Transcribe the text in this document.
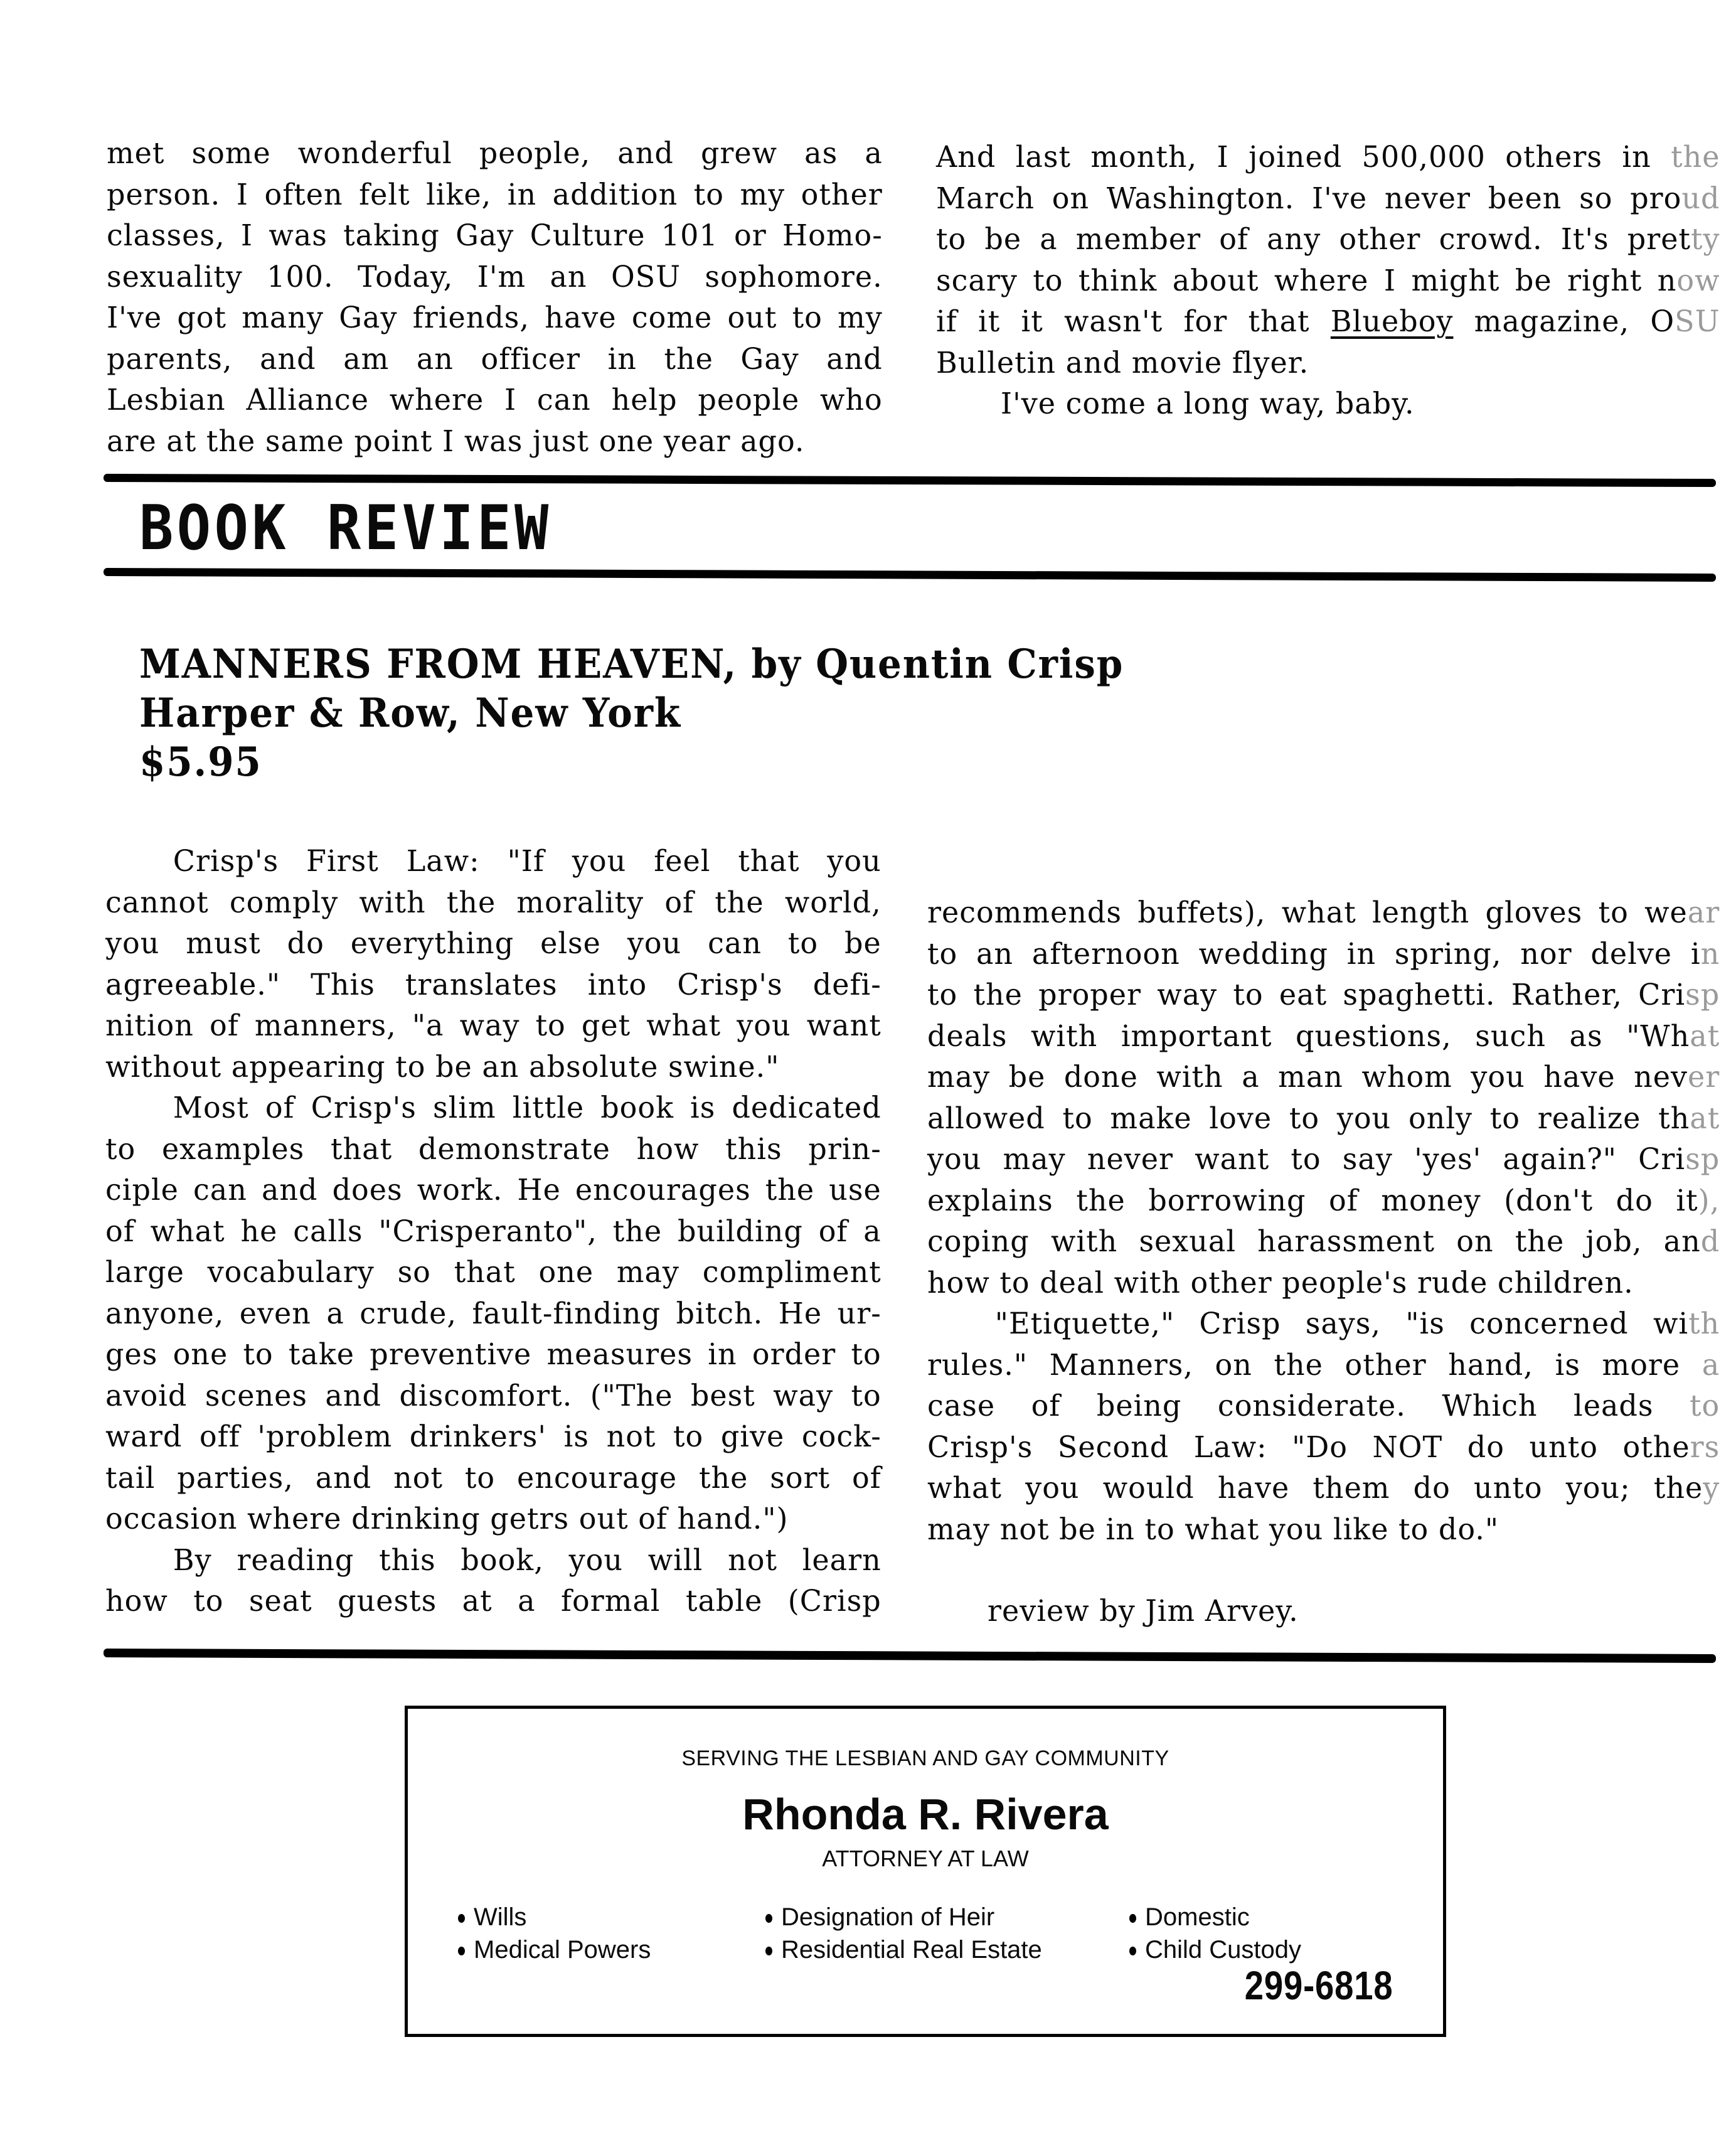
met some wonderful people, and grew as a
person. I often felt like, in addition to my other
classes, I was taking Gay Culture 101 or Homo-
sexuality 100. Today, I'm an OSU sophomore.
I've got many Gay friends, have come out to my
parents, and am an officer in the Gay and
Lesbian Alliance where I can help people who
are at the same point I was just one year ago.

And last month, I joined 500,000 others in the
March on Washington. I've never been so proud
to be a member of any other crowd. It's pretty
scary to think about where I might be right now
if it it wasn't for that Blueboy magazine, OSU
Bulletin and movie flyer.

I've come a long way, baby.

BOOK REVIEW
MANNERS FROM HEAVEN, by Quentin Crisp
Harper & Row, New York
$5.95

Crisp's First Law: "If you feel that you
cannot comply with the morality of the world,
you must do everything else you can to be
agreeable." This translates into Crisp's defi-
nition of manners, "a way to get what you want
without appearing to be an absolute swine."

Most of Crisp's slim little book is dedicated
to examples that demonstrate how this prin-
ciple can and does work. He encourages the use
of what he calls "Crisperanto", the building of a
large vocabulary so that one may compliment
anyone, even a crude, fault-finding bitch. He ur-
ges one to take preventive measures in order to
avoid scenes and discomfort. ("The best way to
ward off 'problem drinkers' is not to give cock-
tail parties, and not to encourage the sort of
occasion where drinking getrs out of hand.")

By reading this book, you will not learn
how to seat guests at a formal table (Crisp

recommends buffets), what length gloves to wear
to an afternoon wedding in spring, nor delve in
to the proper way to eat spaghetti. Rather, Crisp
deals with important questions, such as "What
may be done with a man whom you have never
allowed to make love to you only to realize that
you may never want to say 'yes' again?" Crisp
explains the borrowing of money (don't do it),
coping with sexual harassment on the job, and
how to deal with other people's rude children.

"Etiquette," Crisp says, "is concerned with
rules." Manners, on the other hand, is more a
case of being considerate. Which leads to
Crisp's Second Law: "Do NOT do unto others
what you would have them do unto you; they
may not be in to what you like to do."

review by Jim Arvey.

SERVING THE LESBIAN AND GAY COMMUNITY
Rhonda R. Rivera
ATTORNEY AT LAW
Wills	Designation of Heir	Domestic
Medical Powers	Residential Real Estate	Child Custody
299-6818
